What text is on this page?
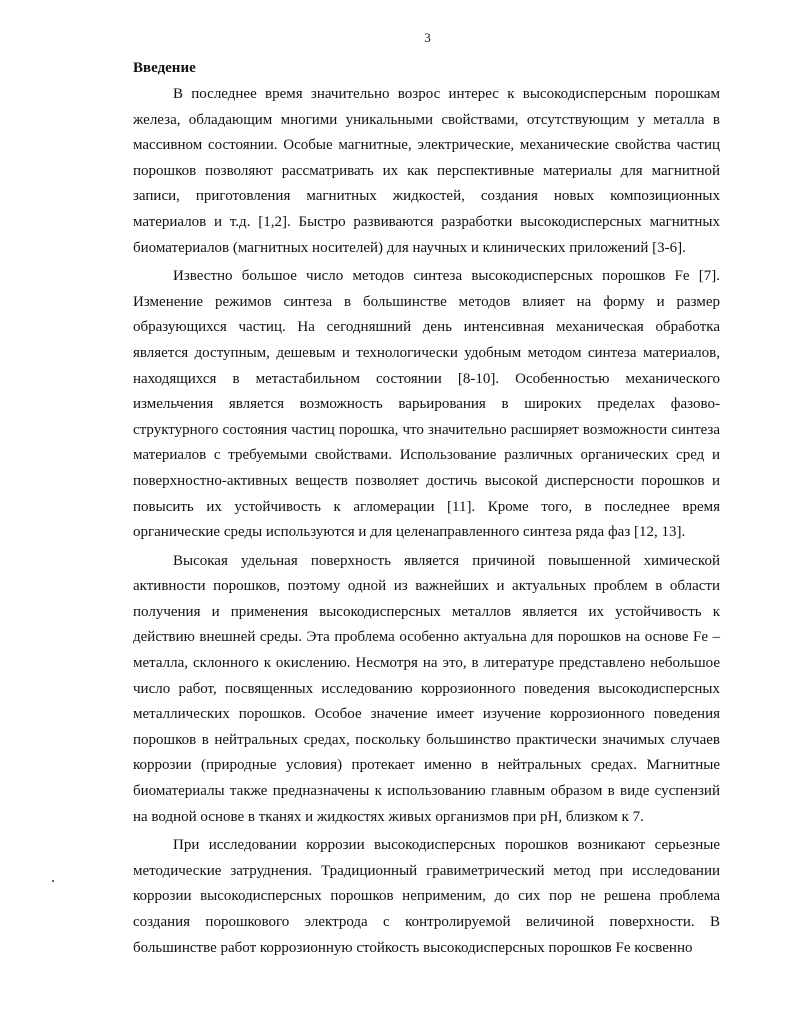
3
Введение

В последнее время значительно возрос интерес к высокодисперсным порошкам железа, обладающим многими уникальными свойствами, отсутствующим у металла в массивном состоянии. Особые магнитные, электрические, механические свойства частиц порошков позволяют рассматривать их как перспективные материалы для магнитной записи, приготовления магнитных жидкостей, создания новых композиционных материалов и т.д. [1,2]. Быстро развиваются разработки высокодисперсных магнитных биоматериалов (магнитных носителей) для научных и клинических приложений [3-6].

Известно большое число методов синтеза высокодисперсных порошков Fe [7]. Изменение режимов синтеза в большинстве методов влияет на форму и размер образующихся частиц. На сегодняшний день интенсивная механическая обработка является доступным, дешевым и технологически удобным методом синтеза материалов, находящихся в метастабильном состоянии [8-10]. Особенностью механического измельчения является возможность варьирования в широких пределах фазово-структурного состояния частиц порошка, что значительно расширяет возможности синтеза материалов с требуемыми свойствами. Использование различных органических сред и поверхностно-активных веществ позволяет достичь высокой дисперсности порошков и повысить их устойчивость к агломерации [11]. Кроме того, в последнее время органические среды используются и для целенаправленного синтеза ряда фаз [12, 13].

Высокая удельная поверхность является причиной повышенной химической активности порошков, поэтому одной из важнейших и актуальных проблем в области получения и применения высокодисперсных металлов является их устойчивость к действию внешней среды. Эта проблема особенно актуальна для порошков на основе Fe – металла, склонного к окислению. Несмотря на это, в литературе представлено небольшое число работ, посвященных исследованию коррозионного поведения высокодисперсных металлических порошков. Особое значение имеет изучение коррозионного поведения порошков в нейтральных средах, поскольку большинство практически значимых случаев коррозии (природные условия) протекает именно в нейтральных средах. Магнитные биоматериалы также предназначены к использованию главным образом в виде суспензий на водной основе в тканях и жидкостях живых организмов при pH, близком к 7.

При исследовании коррозии высокодисперсных порошков возникают серьезные методические затруднения. Традиционный гравиметрический метод при исследовании коррозии высокодисперсных порошков неприменим, до сих пор не решена проблема создания порошкового электрода с контролируемой величиной поверхности. В большинстве работ коррозионную стойкость высокодисперсных порошков Fe косвенно
